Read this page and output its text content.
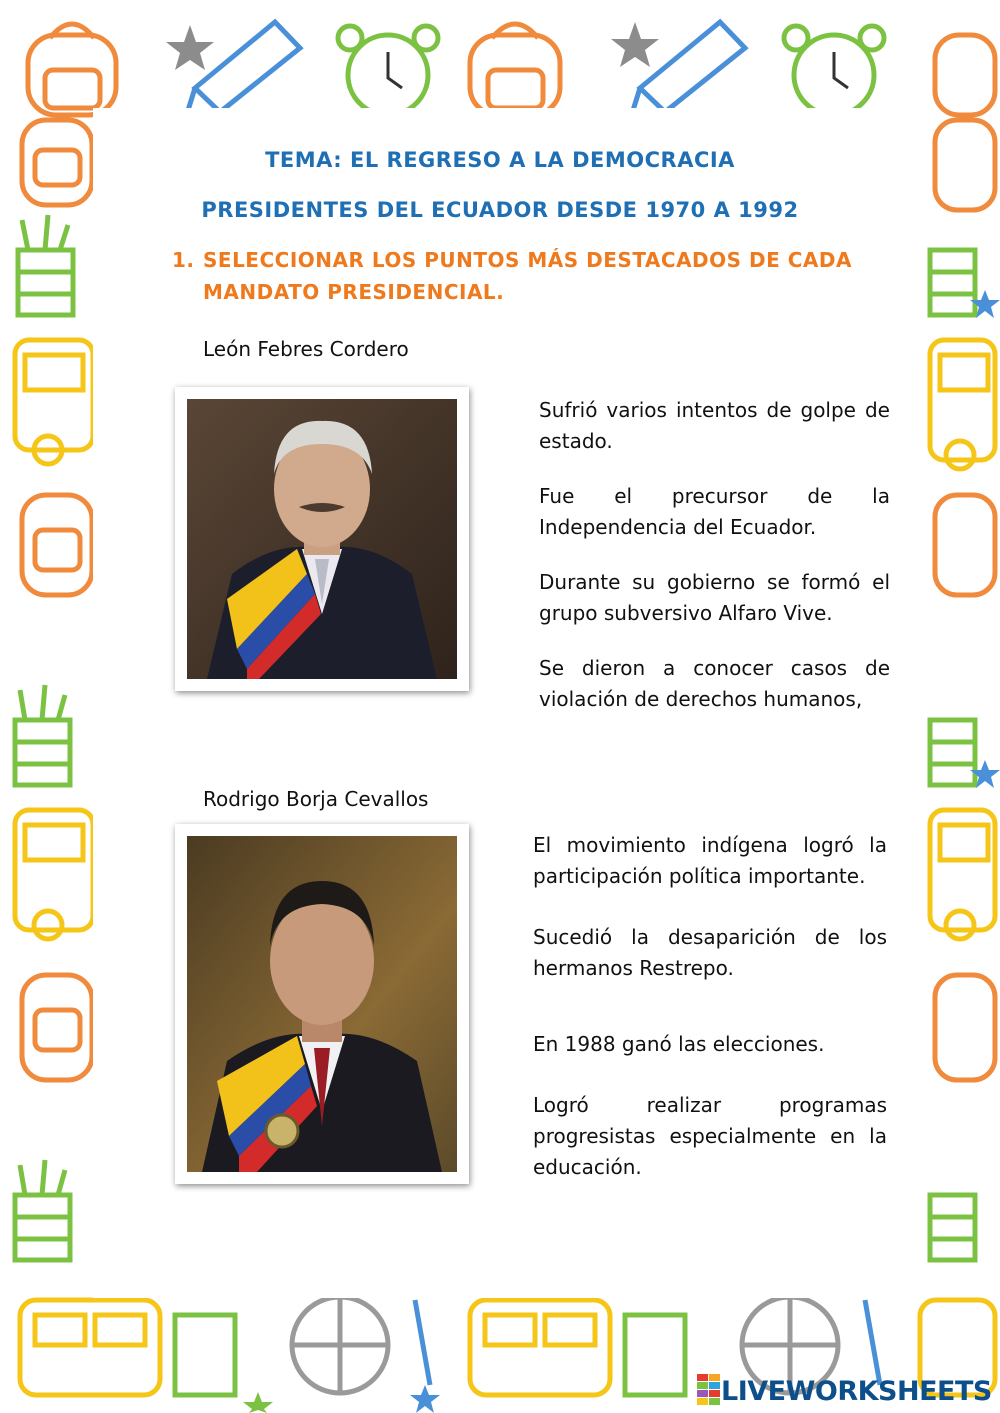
TEMA: EL REGRESO A LA DEMOCRACIA
PRESIDENTES DEL ECUADOR DESDE 1970 A 1992
1. SELECCIONAR LOS PUNTOS MÁS DESTACADOS DE CADA MANDATO PRESIDENCIAL.
León Febres Cordero
Sufrió varios intentos de golpe de estado.
Fue el precursor de la Independencia del Ecuador.
Durante su gobierno se formó el grupo subversivo Alfaro Vive.
Se dieron a conocer casos de violación de derechos humanos,
Rodrigo Borja Cevallos
El movimiento indígena logró la participación política importante.
Sucedió la desaparición de los hermanos Restrepo.
En 1988 ganó las elecciones.
Logró realizar programas progresistas especialmente en la educación.
LIVEWORKSHEETS
